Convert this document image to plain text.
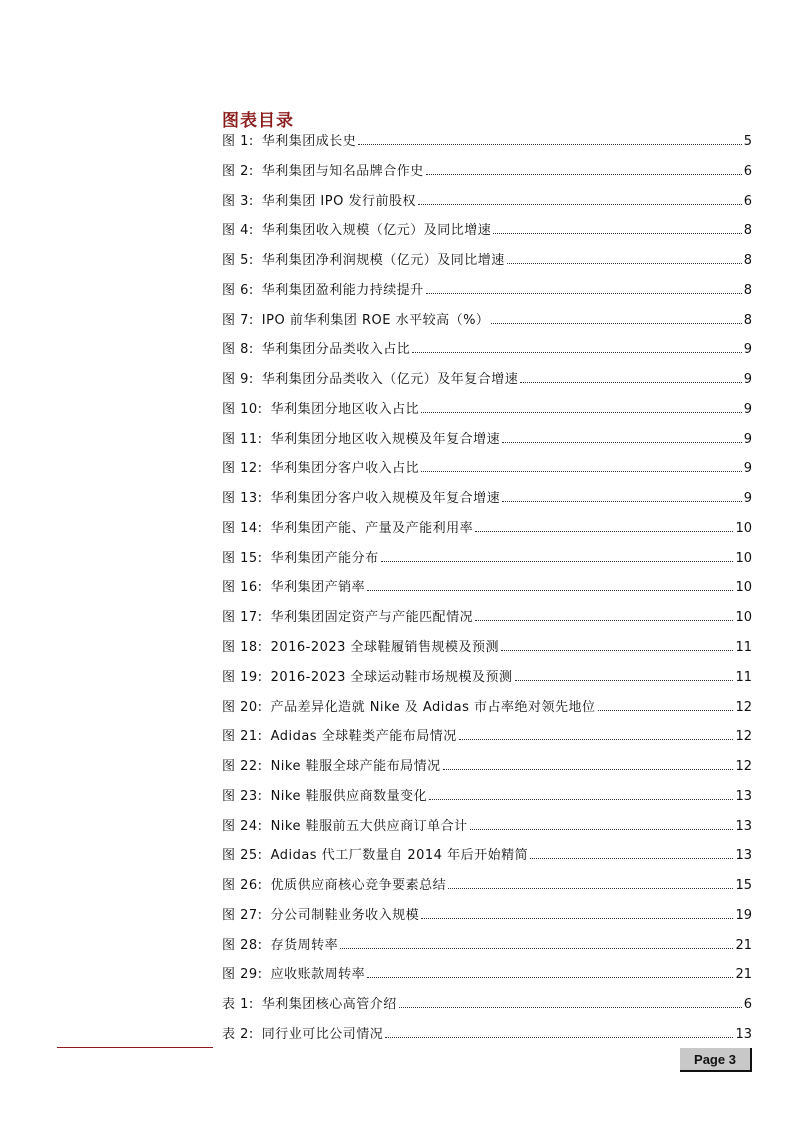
图表目录
图 1: 华利集团成长史	5
图 2: 华利集团与知名品牌合作史	6
图 3: 华利集团 IPO 发行前股权	6
图 4: 华利集团收入规模（亿元）及同比增速	8
图 5: 华利集团净利润规模（亿元）及同比增速	8
图 6: 华利集团盈利能力持续提升	8
图 7: IPO 前华利集团 ROE 水平较高（%）	8
图 8: 华利集团分品类收入占比	9
图 9: 华利集团分品类收入（亿元）及年复合增速	9
图 10: 华利集团分地区收入占比	9
图 11: 华利集团分地区收入规模及年复合增速	9
图 12: 华利集团分客户收入占比	9
图 13: 华利集团分客户收入规模及年复合增速	9
图 14: 华利集团产能、产量及产能利用率	10
图 15: 华利集团产能分布	10
图 16: 华利集团产销率	10
图 17: 华利集团固定资产与产能匹配情况	10
图 18: 2016-2023 全球鞋履销售规模及预测	11
图 19: 2016-2023 全球运动鞋市场规模及预测	11
图 20: 产品差异化造就 Nike 及 Adidas 市占率绝对领先地位	12
图 21: Adidas 全球鞋类产能布局情况	12
图 22: Nike 鞋服全球产能布局情况	12
图 23: Nike 鞋服供应商数量变化	13
图 24: Nike 鞋服前五大供应商订单合计	13
图 25: Adidas 代工厂数量自 2014 年后开始精简	13
图 26: 优质供应商核心竞争要素总结	15
图 27: 分公司制鞋业务收入规模	19
图 28: 存货周转率	21
图 29: 应收账款周转率	21
表 1: 华利集团核心高管介绍	6
表 2: 同行业可比公司情况	13
Page 3
